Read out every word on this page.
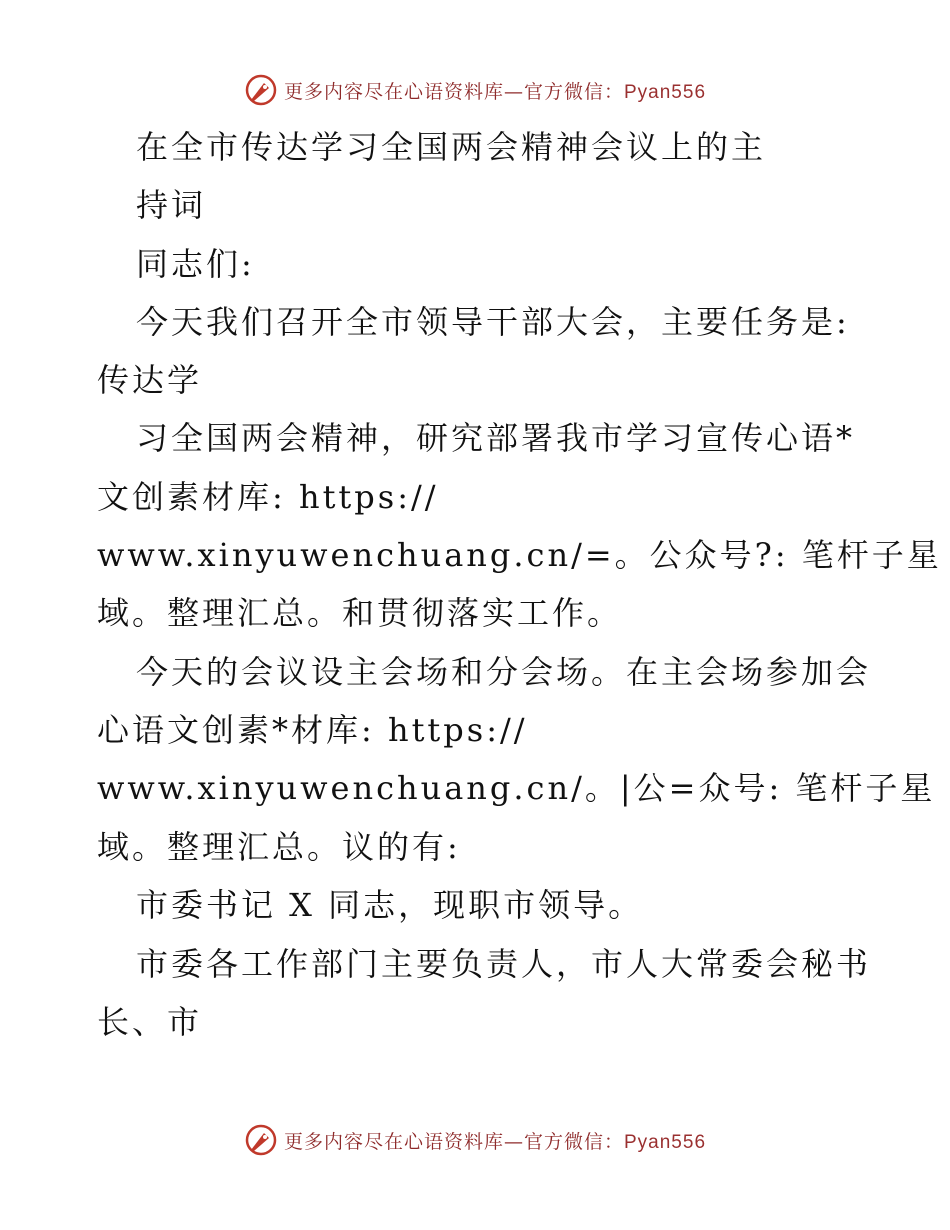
更多内容尽在心语资料库—官方微信：Pyan556
在全市传达学习全国两会精神会议上的主
持词
同志们:
今天我们召开全市领导干部大会，主要任务是:
传达学
习全国两会精神，研究部署我市学习宣传心语*
文创素材库: https://
www.xinyuwenchuang.cn/=。公众号?: 笔杆子星
域。整理汇总。和贯彻落实工作。
今天的会议设主会场和分会场。在主会场参加会
心语文创素*材库: https://
www.xinyuwenchuang.cn/。|公=众号: 笔杆子星
域。整理汇总。议的有:
市委书记 X 同志，现职市领导。
市委各工作部门主要负责人，市人大常委会秘书
长、市
更多内容尽在心语资料库—官方微信：Pyan556
